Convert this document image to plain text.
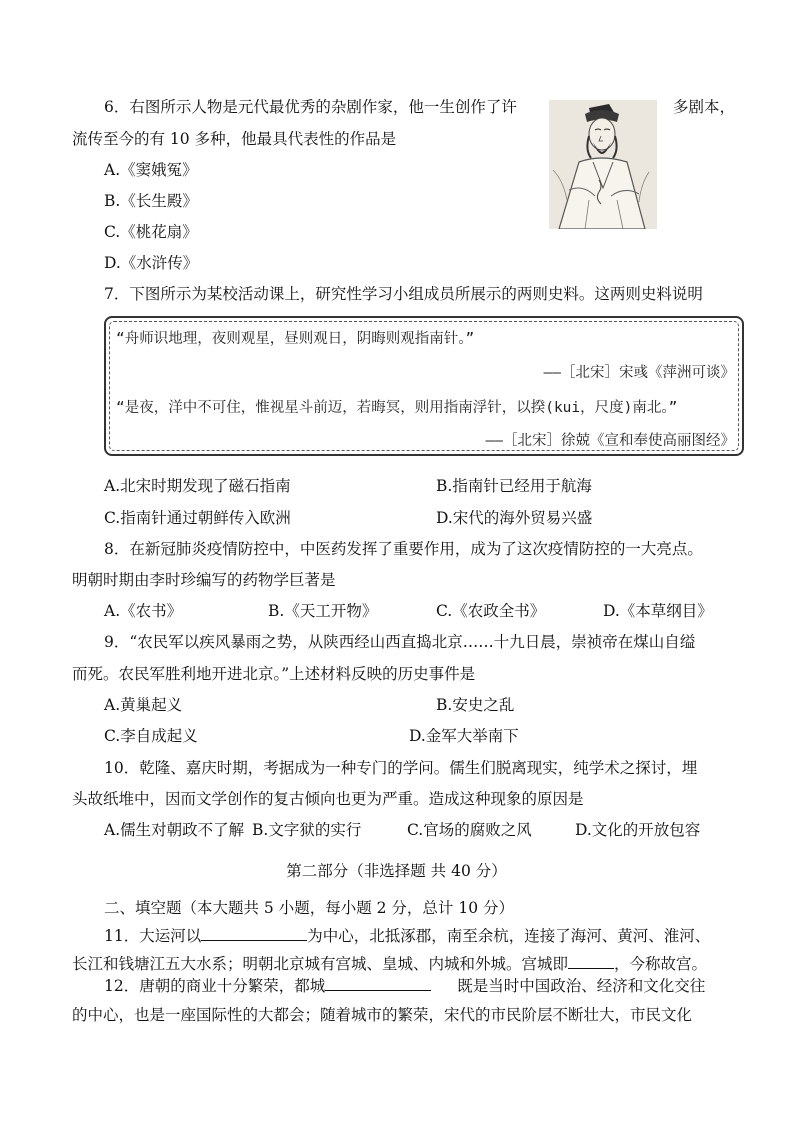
6．右图所示人物是元代最优秀的杂剧作家，他一生创作了许	多剧本，
流传至今的有 10 多种，他最具代表性的作品是
A.《窦娥冤》
B.《长生殿》
C.《桃花扇》
D.《水浒传》
7．下图所示为某校活动课上，研究性学习小组成员所展示的两则史料。这两则史料说明
“舟师识地理，夜则观星，昼则观日，阴晦则观指南针。”
——［北宋］宋彧《萍洲可谈》
“是夜，洋中不可住，惟视星斗前迈，若晦冥，则用指南浮针，以揆(kui，尺度)南北。”
——［北宋］徐兢《宣和奉使高丽图经》
A.北宋时期发现了磁石指南	B.指南针已经用于航海
C.指南针通过朝鲜传入欧洲	D.宋代的海外贸易兴盛
8．在新冠肺炎疫情防控中，中医药发挥了重要作用，成为了这次疫情防控的一大亮点。
明朝时期由李时珍编写的药物学巨著是
A.《农书》	B.《天工开物》	C.《农政全书》	D.《本草纲目》
9．“农民军以疾风暴雨之势，从陕西经山西直捣北京……十九日晨，崇祯帝在煤山自缢
而死。农民军胜利地开进北京。”上述材料反映的历史事件是
A.黄巢起义	B.安史之乱
C.李自成起义	D.金军大举南下
10．乾隆、嘉庆时期，考据成为一种专门的学问。儒生们脱离现实，纯学术之探讨，埋
头故纸堆中，因而文学创作的复古倾向也更为严重。造成这种现象的原因是
A.儒生对朝政不了解 B.文字狱的实行	C.官场的腐败之风	D.文化的开放包容
第二部分（非选择题 共 40 分）
二、填空题（本大题共 5 小题，每小题 2 分，总计 10 分）
11．大运河以	为中心，北抵涿郡，南至余杭，连接了海河、黄河、淮河、
长江和钱塘江五大水系；明朝北京城有宫城、皇城、内城和外城。宫城即	，今称故宫。
12．唐朝的商业十分繁荣，都城	既是当时中国政治、经济和文化交往
的中心，也是一座国际性的大都会；随着城市的繁荣，宋代的市民阶层不断壮大，市民文化
